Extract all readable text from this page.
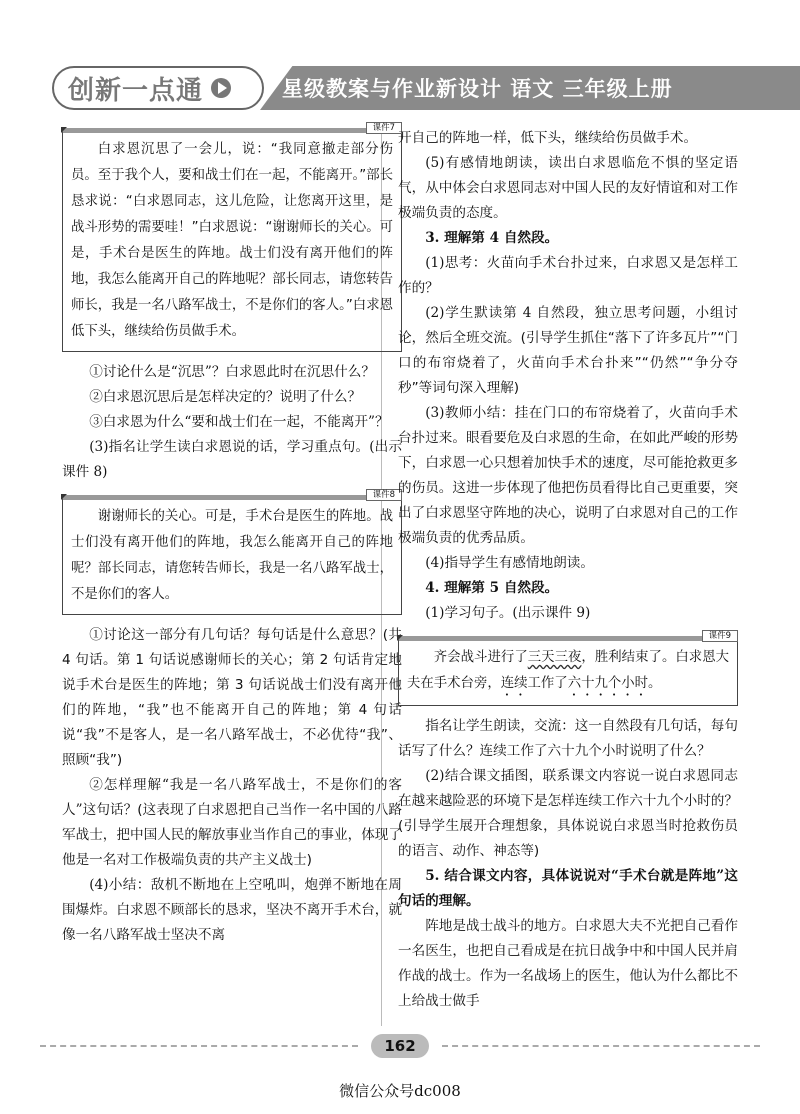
创新一点通	星级教案与作业新设计 语文 三年级上册
课件7

白求恩沉思了一会儿，说：“我同意撤走部分伤员。至于我个人，要和战士们在一起，不能离开。”部长恳求说：“白求恩同志，这儿危险，让您离开这里，是战斗形势的需要哇！”白求恩说：“谢谢师长的关心。可是，手术台是医生的阵地。战士们没有离开他们的阵地，我怎么能离开自己的阵地呢？部长同志，请您转告师长，我是一名八路军战士，不是你们的客人。”白求恩低下头，继续给伤员做手术。

①讨论什么是“沉思”？白求恩此时在沉思什么？

②白求恩沉思后是怎样决定的？说明了什么？

③白求恩为什么“要和战士们在一起，不能离开”？

(3)指名让学生读白求恩说的话，学习重点句。(出示课件 8)

课件8

谢谢师长的关心。可是，手术台是医生的阵地。战士们没有离开他们的阵地，我怎么能离开自己的阵地呢？部长同志，请您转告师长，我是一名八路军战士，不是你们的客人。

①讨论这一部分有几句话？每句话是什么意思？(共 4 句话。第 1 句话说感谢师长的关心；第 2 句话肯定地说手术台是医生的阵地；第 3 句话说战士们没有离开他们的阵地，“我”也不能离开自己的阵地；第 4 句话说“我”不是客人，是一名八路军战士，不必优待“我”、照顾“我”)

②怎样理解“我是一名八路军战士，不是你们的客人”这句话？(这表现了白求恩把自己当作一名中国的八路军战士，把中国人民的解放事业当作自己的事业，体现了他是一名对工作极端负责的共产主义战士)

(4)小结：敌机不断地在上空吼叫，炮弹不断地在周围爆炸。白求恩不顾部长的恳求，坚决不离开手术台，就像一名八路军战士坚决不离

开自己的阵地一样，低下头，继续给伤员做手术。

(5)有感情地朗读，读出白求恩临危不惧的坚定语气，从中体会白求恩同志对中国人民的友好情谊和对工作极端负责的态度。

3. 理解第 4 自然段。

(1)思考：火苗向手术台扑过来，白求恩又是怎样工作的？

(2)学生默读第 4 自然段，独立思考问题，小组讨论，然后全班交流。(引导学生抓住“落下了许多瓦片”“门口的布帘烧着了，火苗向手术台扑来”“仍然”“争分夺秒”等词句深入理解)

(3)教师小结：挂在门口的布帘烧着了，火苗向手术台扑过来。眼看要危及白求恩的生命，在如此严峻的形势下，白求恩一心只想着加快手术的速度，尽可能抢救更多的伤员。这进一步体现了他把伤员看得比自己更重要，突出了白求恩坚守阵地的决心，说明了白求恩对自己的工作极端负责的优秀品质。

(4)指导学生有感情地朗读。

4. 理解第 5 自然段。

(1)学习句子。(出示课件 9)

课件9

齐会战斗进行了三天三夜，胜利结束了。白求恩大夫在手术台旁，连续工作了六十九个小时。

指名让学生朗读，交流：这一自然段有几句话，每句话写了什么？连续工作了六十九个小时说明了什么？

(2)结合课文插图，联系课文内容说一说白求恩同志在越来越险恶的环境下是怎样连续工作六十九个小时的？(引导学生展开合理想象，具体说说白求恩当时抢救伤员的语言、动作、神态等)

5. 结合课文内容，具体说说对“手术台就是阵地”这句话的理解。

阵地是战士战斗的地方。白求恩大夫不光把自己看作一名医生，也把自己看成是在抗日战争中和中国人民并肩作战的战士。作为一名战场上的医生，他认为什么都比不上给战士做手

162
微信公众号dc008
